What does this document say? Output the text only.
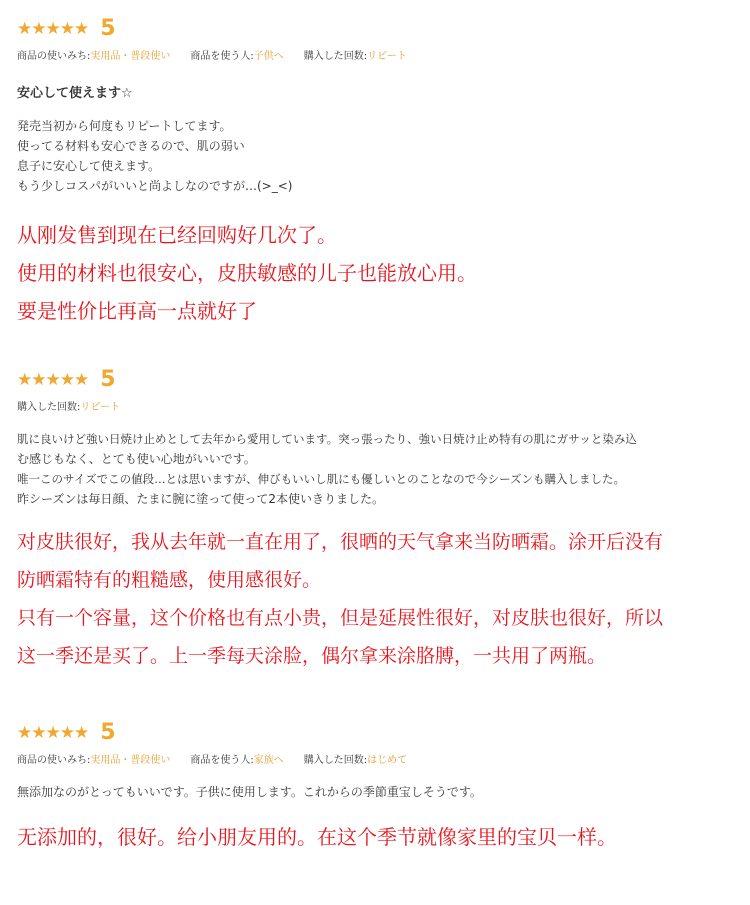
★★★★★ 5
商品の使いみち:実用品・普段使い 商品を使う人:子供へ 購入した回数:リピート
安心して使えます☆
発売当初から何度もリピートしてます。
使ってる材料も安心できるので、肌の弱い
息子に安心して使えます。
もう少しコスパがいいと尚よしなのですが…(>_<)
从刚发售到现在已经回购好几次了。
使用的材料也很安心，皮肤敏感的儿子也能放心用。
要是性价比再高一点就好了
★★★★★ 5
購入した回数:リピート
肌に良いけど強い日焼け止めとして去年から愛用しています。突っ張ったり、強い日焼け止め特有の肌にガサッと染み込
む感じもなく、とても使い心地がいいです。
唯一このサイズでこの値段…とは思いますが、伸びもいいし肌にも優しいとのことなので今シーズンも購入しました。
昨シーズンは毎日顔、たまに腕に塗って使って2本使いきりました。
对皮肤很好，我从去年就一直在用了，很晒的天气拿来当防晒霜。涂开后没有
防晒霜特有的粗糙感，使用感很好。
只有一个容量，这个价格也有点小贵，但是延展性很好，对皮肤也很好，所以
这一季还是买了。上一季每天涂脸，偶尔拿来涂胳膊，一共用了两瓶。
★★★★★ 5
商品の使いみち:実用品・普段使い 商品を使う人:家族へ 購入した回数:はじめて
無添加なのがとってもいいです。子供に使用します。これからの季節重宝しそうです。
无添加的，很好。给小朋友用的。在这个季节就像家里的宝贝一样。
